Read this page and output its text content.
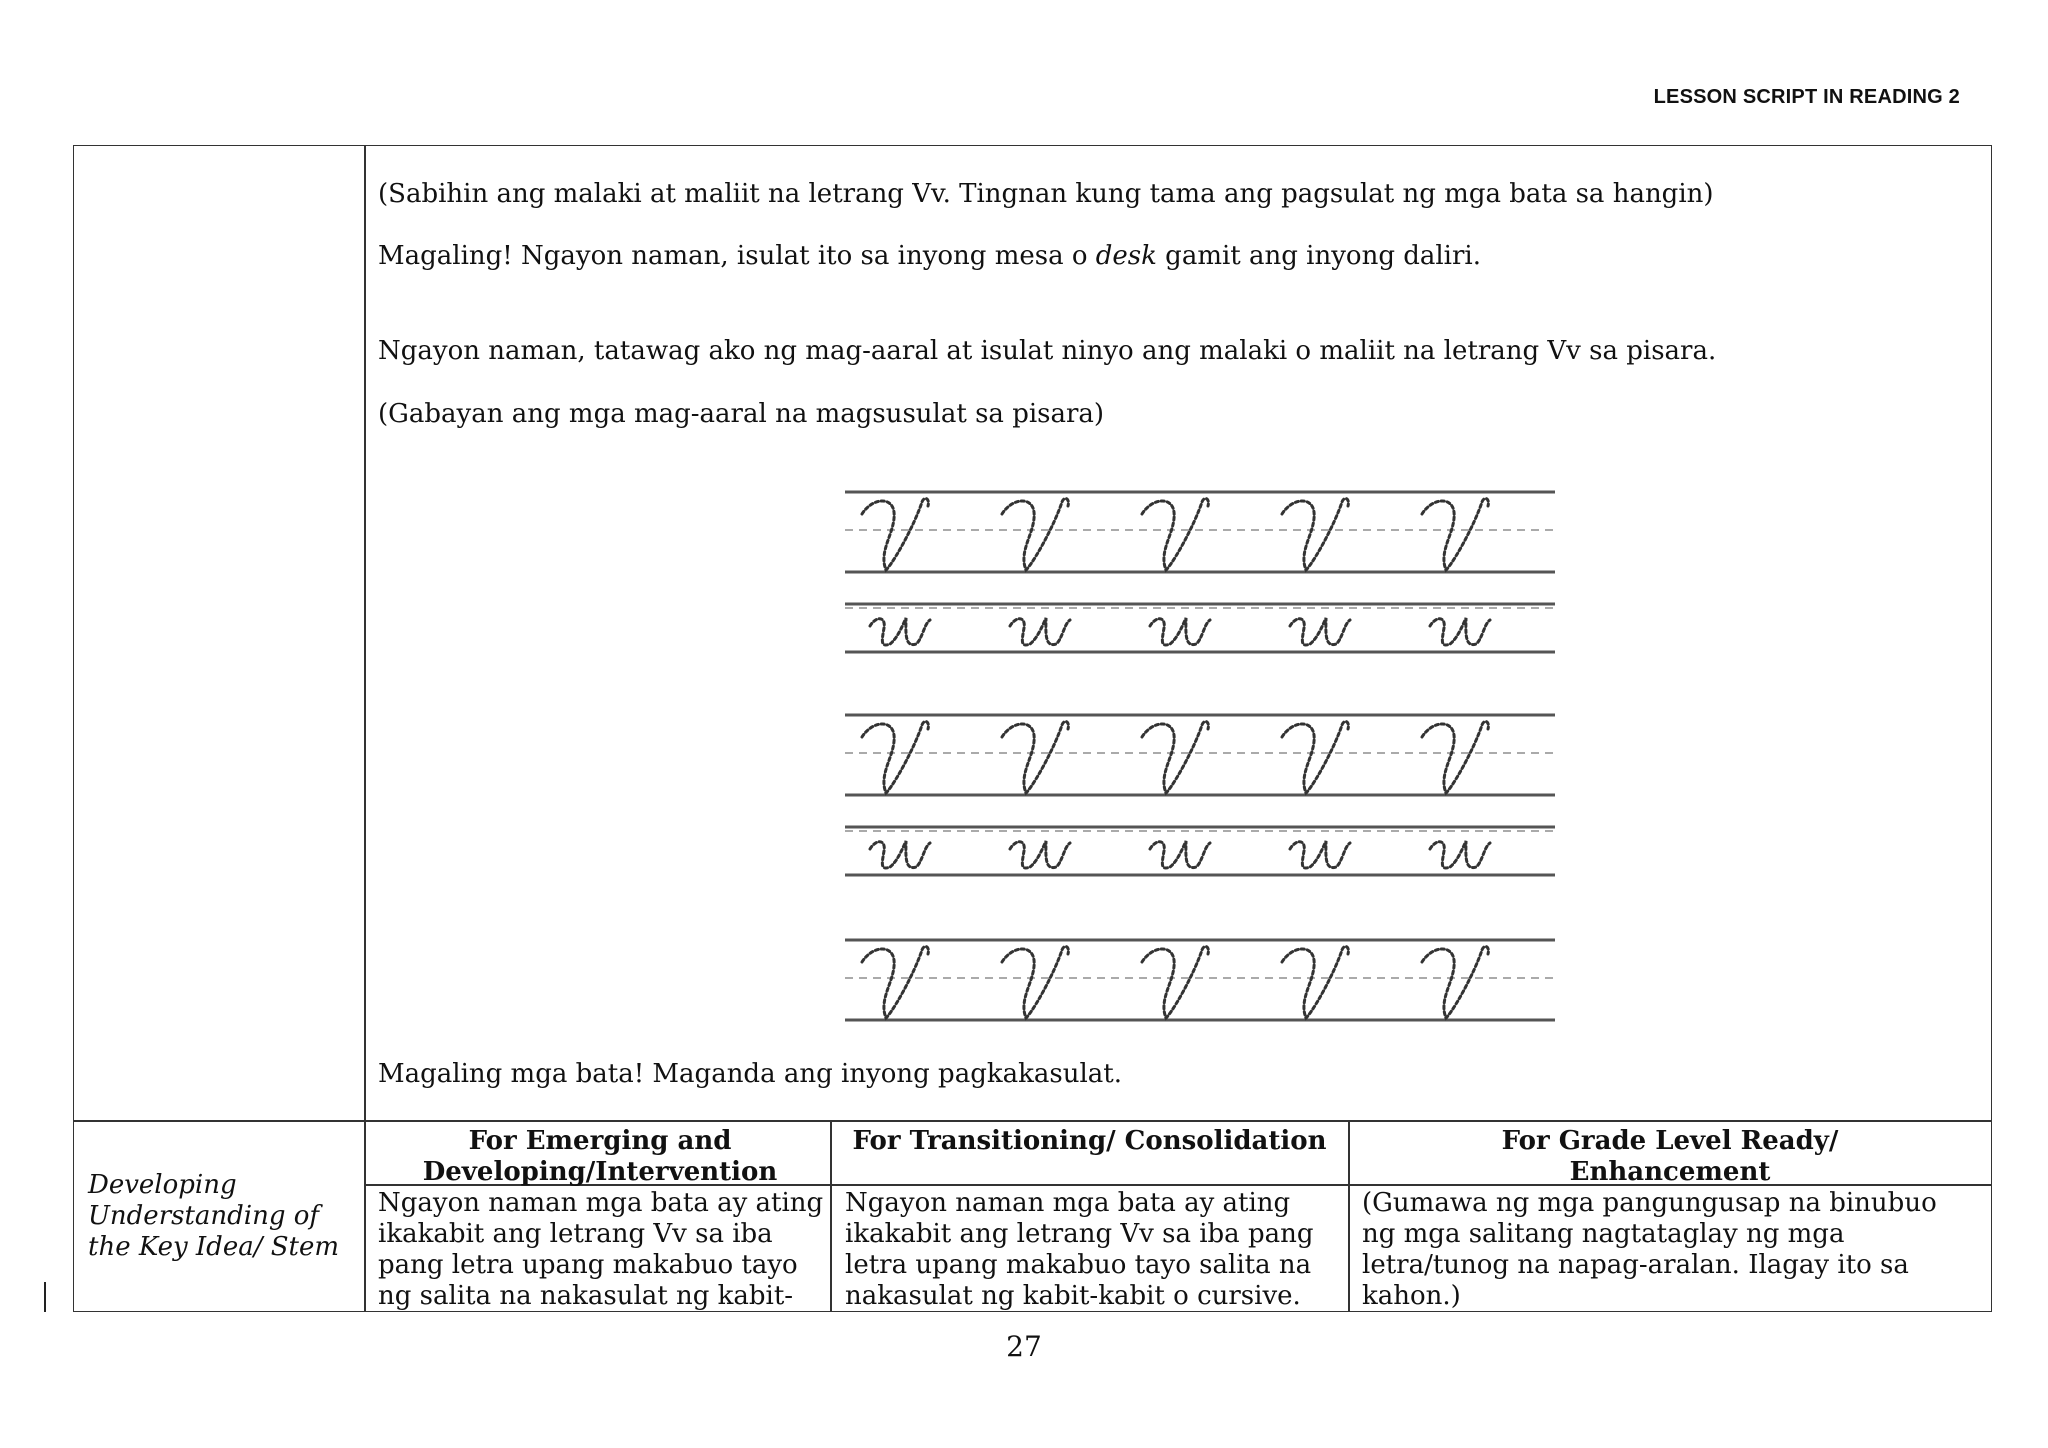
LESSON SCRIPT IN READING 2
(Sabihin ang malaki at maliit na letrang Vv. Tingnan kung tama ang pagsulat ng mga bata sa hangin)
Magaling! Ngayon naman, isulat ito sa inyong mesa o desk gamit ang inyong daliri.
Ngayon naman, tatawag ako ng mag-aaral at isulat ninyo ang malaki o maliit na letrang Vv sa pisara.
(Gabayan ang mga mag-aaral na magsusulat sa pisara)
Magaling mga bata! Maganda ang inyong pagkakasulat.
Developing Understanding of the Key Idea/ Stem
For Emerging and Developing/Intervention
For Transitioning/ Consolidation	For Grade Level Ready/ Enhancement
Ngayon naman mga bata ay ating ikakabit ang letrang Vv sa iba pang letra upang makabuo tayo ng salita na nakasulat ng kabit-
Ngayon naman mga bata ay ating ikakabit ang letrang Vv sa iba pang letra upang makabuo tayo salita na nakasulat ng kabit-kabit o cursive.
(Gumawa ng mga pangungusap na binubuo ng mga salitang nagtataglay ng mga letra/tunog na napag-aralan. Ilagay ito sa kahon.)
27
